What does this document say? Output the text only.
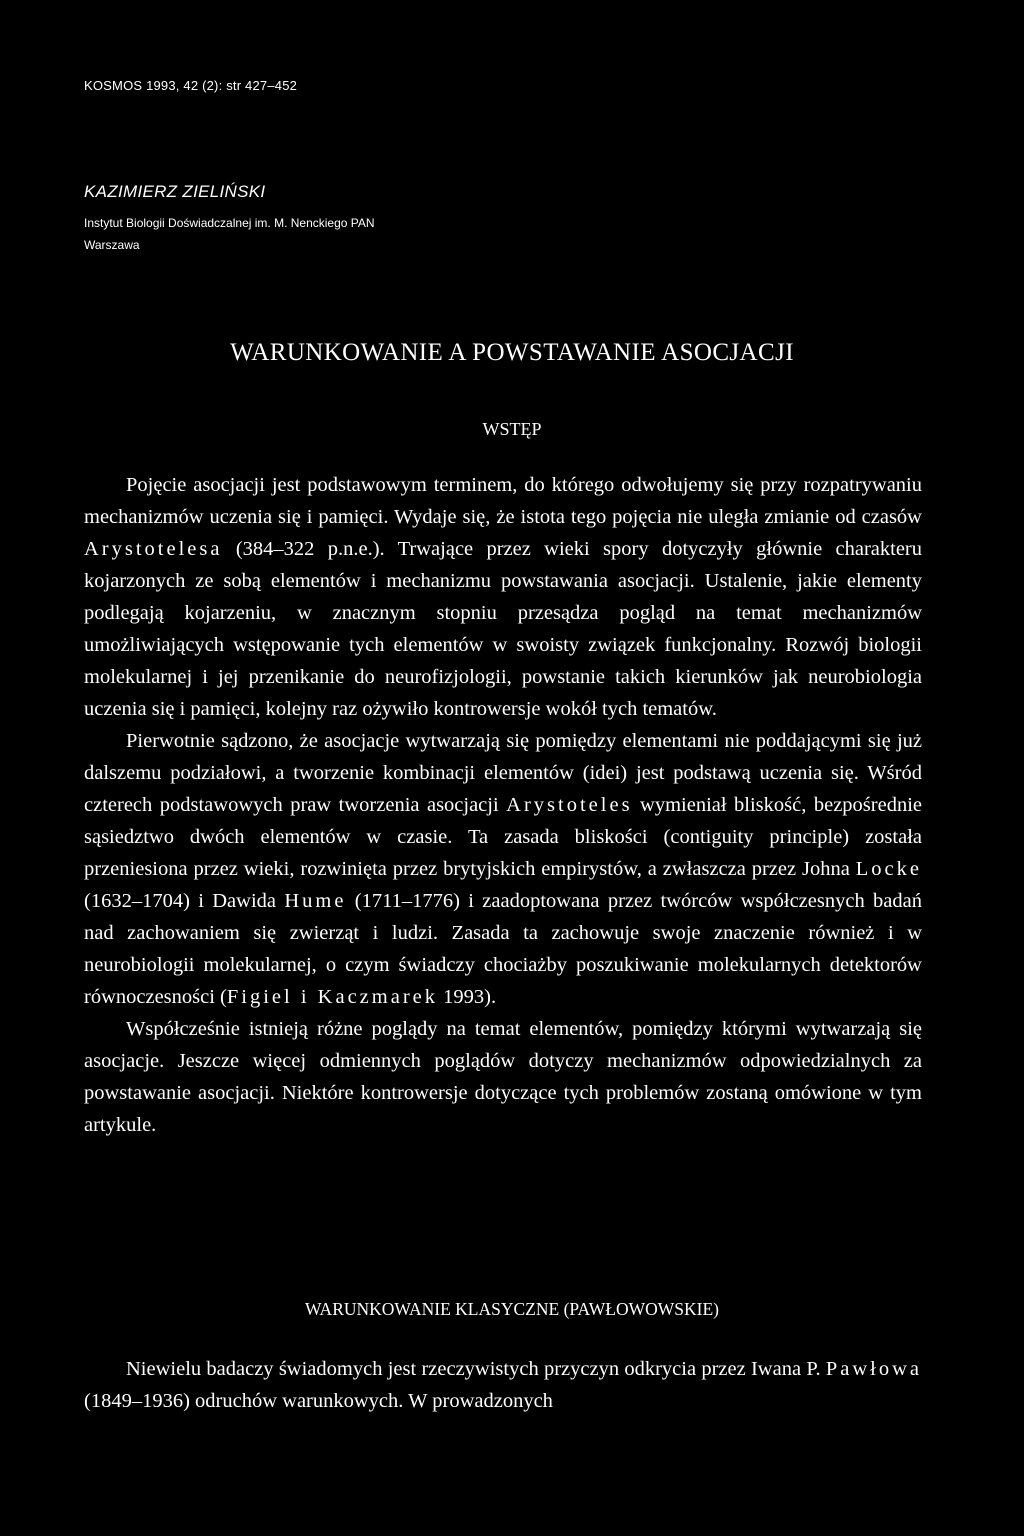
KOSMOS 1993, 42 (2): str 427–452
KAZIMIERZ ZIELIŃSKI
Instytut Biologii Doświadczalnej im. M. Nenckiego PAN
Warszawa
WARUNKOWANIE A POWSTAWANIE ASOCJACJI
WSTĘP

Pojęcie asocjacji jest podstawowym terminem, do którego odwołujemy się przy rozpatrywaniu mechanizmów uczenia się i pamięci. Wydaje się, że istota tego pojęcia nie uległa zmianie od czasów Arystotelesa (384–322 p.n.e.). Trwające przez wieki spory dotyczyły głównie charakteru kojarzonych ze sobą elementów i mechanizmu powstawania asocjacji. Ustalenie, jakie elementy podlegają kojarzeniu, w znacznym stopniu przesądza pogląd na temat mechanizmów umożliwiających wstępowanie tych elementów w swoisty związek funkcjonalny. Rozwój biologii molekularnej i jej przenikanie do neurofizjologii, powstanie takich kierunków jak neurobiologia uczenia się i pamięci, kolejny raz ożywiło kontrowersje wokół tych tematów.

Pierwotnie sądzono, że asocjacje wytwarzają się pomiędzy elementami nie poddającymi się już dalszemu podziałowi, a tworzenie kombinacji elementów (idei) jest podstawą uczenia się. Wśród czterech podstawowych praw tworzenia asocjacji Arystoteles wymieniał bliskość, bezpośrednie sąsiedztwo dwóch elementów w czasie. Ta zasada bliskości (contiguity principle) została przeniesiona przez wieki, rozwinięta przez brytyjskich empirystów, a zwłaszcza przez Johna Locke (1632–1704) i Dawida Hume (1711–1776) i zaadoptowana przez twórców współczesnych badań nad zachowaniem się zwierząt i ludzi. Zasada ta zachowuje swoje znaczenie również i w neurobiologii molekularnej, o czym świadczy chociażby poszukiwanie molekularnych detektorów równoczesności (Figiel i Kaczmarek 1993).

Współcześnie istnieją różne poglądy na temat elementów, pomiędzy którymi wytwarzają się asocjacje. Jeszcze więcej odmiennych poglądów dotyczy mechanizmów odpowiedzialnych za powstawanie asocjacji. Niektóre kontrowersje dotyczące tych problemów zostaną omówione w tym artykule.

WARUNKOWANIE KLASYCZNE (PAWŁOWOWSKIE)

Niewielu badaczy świadomych jest rzeczywistych przyczyn odkrycia przez Iwana P. Pawłowa (1849–1936) odruchów warunkowych. W prowadzonych
